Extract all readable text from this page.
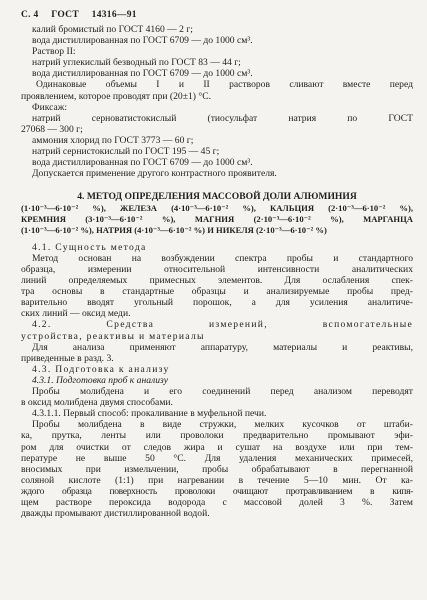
С. 4 ГОСТ 14316—91

калий бромистый по ГОСТ 4160 — 2 г;

вода дистиллированная по ГОСТ 6709 — до 1000 см³.

Раствор II:

натрий углекислый безводный по ГОСТ 83 — 44 г;

вода дистиллированная по ГОСТ 6709 — до 1000 см³.

Одинаковые объемы I и II растворов сливают вместе перед

проявлением, которое проводят при (20±1) °С.

Фиксаж:

натрий серноватистокислый (тиосульфат натрия по ГОСТ

27068 — 300 г;

аммония хлорид по ГОСТ 3773 — 60 г;

натрий сернистокислый по ГОСТ 195 — 45 г;

вода дистиллированная по ГОСТ 6709 — до 1000 см³.

Допускается применение другого контрастного проявителя.

4. МЕТОД ОПРЕДЕЛЕНИЯ МАССОВОЙ ДОЛИ АЛЮМИНИЯ

(1·10⁻³—6·10⁻² %), ЖЕЛЕЗА (4·10⁻³—6·10⁻² %), КАЛЬЦИЯ (2·10⁻³—6·10⁻² %),

КРЕМНИЯ (3·10⁻³—6·10⁻² %), МАГНИЯ (2·10⁻³—6·10⁻² %), МАРГАНЦА

(1·10⁻³—6·10⁻² %), НАТРИЯ (4·10⁻³—6·10⁻² %) И НИКЕЛЯ (2·10⁻³—6·10⁻² %)

4.1. Сущность метода

Метод основан на возбуждении спектра пробы и стандартного

образца, измерении относительной интенсивности аналитических

линий определяемых примесных элементов. Для ослабления спек-

тра основы в стандартные образцы и анализируемые пробы пред-

варительно вводят угольный порошок, а для усиления аналитиче-

ских линий — оксид меди.

4.2. Средства измерений, вспомогательные

устройства, реактивы и материалы

Для анализа применяют аппаратуру, материалы и реактивы,

приведенные в разд. 3.

4.3. Подготовка к анализу

4.3.1. Подготовка проб к анализу

Пробы молибдена и его соединений перед анализом переводят

в оксид молибдена двумя способами.

4.3.1.1. Первый способ: прокаливание в муфельной печи.

Пробы молибдена в виде стружки, мелких кусочков от штаби-

ка, прутка, ленты или проволоки предварительно промывают эфи-

ром для очистки от следов жира и сушат на воздухе или при тем-

пературе не выше 50 °С. Для удаления механических примесей,

вносимых при измельчении, пробы обрабатывают в перегнанной

соляной кислоте (1:1) при нагревании в течение 5—10 мин. От ка-

ждого образца поверхность проволоки очищают протравливанием в кипя-

щем растворе пероксида водорода с массовой долей 3 %. Затем

дважды промывают дистиллированной водой.
